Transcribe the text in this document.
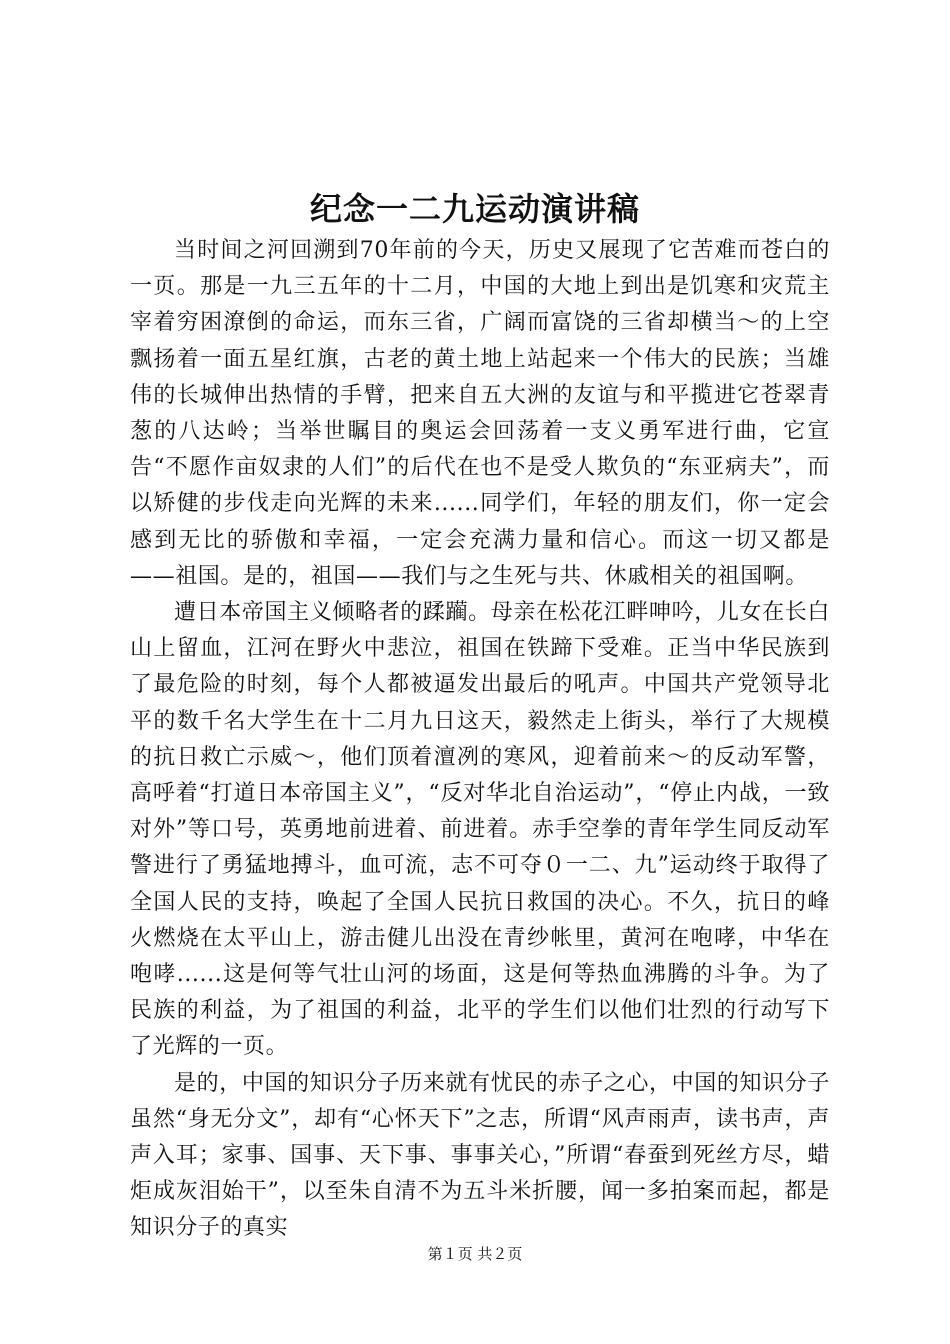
纪念一二九运动演讲稿

当时间之河回溯到70年前的今天，历史又展现了它苦难而苍白的一页。那是一九三五年的十二月，中国的大地上到出是饥寒和灾荒主宰着穷困潦倒的命运，而东三省，广阔而富饶的三省却横当～的上空飘扬着一面五星红旗，古老的黄土地上站起来一个伟大的民族；当雄伟的长城伸出热情的手臂，把来自五大洲的友谊与和平揽进它苍翠青葱的八达岭；当举世瞩目的奥运会回荡着一支义勇军进行曲，它宣告“不愿作亩奴隶的人们”的后代在也不是受人欺负的“东亚病夫”，而以矫健的步伐走向光辉的未来......同学们，年轻的朋友们，你一定会感到无比的骄傲和幸福，一定会充满力量和信心。而这一切又都是——祖国。是的，祖国——我们与之生死与共、休戚相关的祖国啊。

遭日本帝国主义倾略者的蹂躏。母亲在松花江畔呻吟，儿女在长白山上留血，江河在野火中悲泣，祖国在铁蹄下受难。正当中华民族到了最危险的时刻，每个人都被逼发出最后的吼声。中国共产党领导北平的数千名大学生在十二月九日这天，毅然走上街头，举行了大规模的抗日救亡示威～，他们顶着澶冽的寒风，迎着前来～的反动军警，高呼着“打道日本帝国主义”，“反对华北自治运动”，“停止内战，一致对外”等口号，英勇地前进着、前进着。赤手空拳的青年学生同反动军警进行了勇猛地搏斗，血可流，志不可夺０一二、九”运动终于取得了全国人民的支持，唤起了全国人民抗日救国的决心。不久，抗日的峰火燃烧在太平山上，游击健儿出没在青纱帐里，黄河在咆哮，中华在咆哮......这是何等气壮山河的场面，这是何等热血沸腾的斗争。为了民族的利益，为了祖国的利益，北平的学生们以他们壮烈的行动写下了光辉的一页。

是的，中国的知识分子历来就有忧民的赤子之心，中国的知识分子虽然“身无分文”，却有“心怀天下”之志，所谓“风声雨声，读书声，声声入耳；家事、国事、天下事、事事关心，”所谓“春蚕到死丝方尽，蜡炬成灰泪始干”，以至朱自清不为五斗米折腰，闻一多拍案而起，都是知识分子的真实

第１页 共２页
